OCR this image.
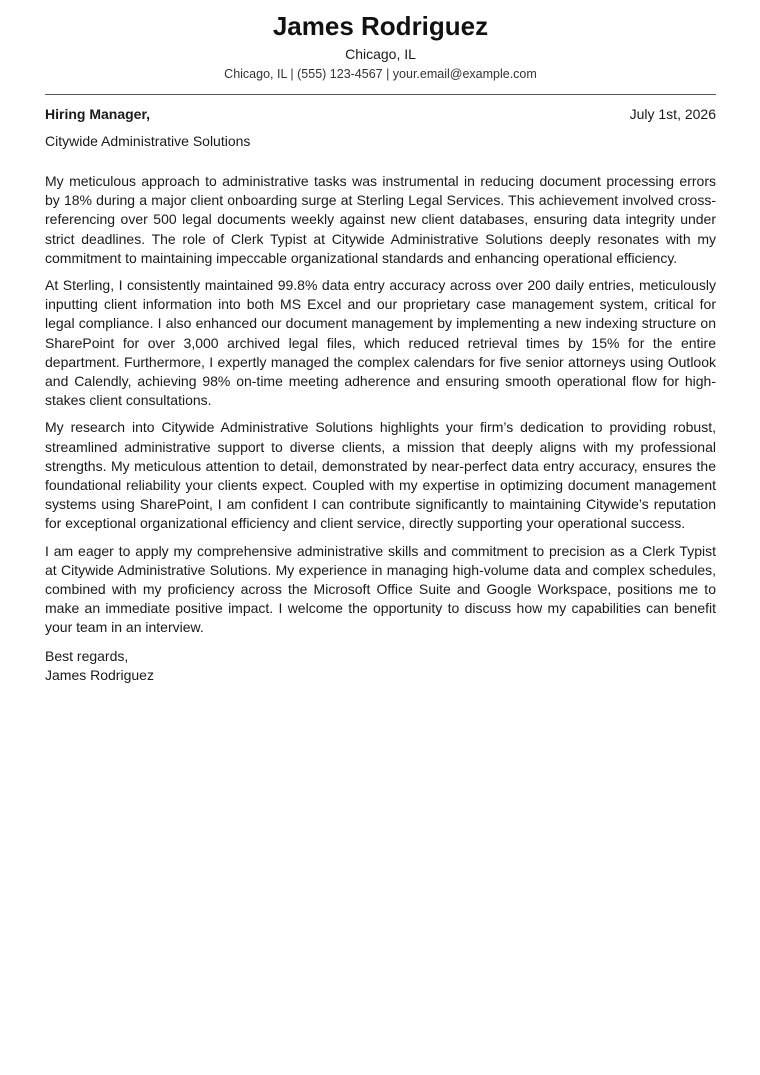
James Rodriguez
Chicago, IL
Chicago, IL | (555) 123-4567 | your.email@example.com
Hiring Manager,	July 1st, 2026
Citywide Administrative Solutions

My meticulous approach to administrative tasks was instrumental in reducing document processing errors by 18% during a major client onboarding surge at Sterling Legal Services. This achievement involved cross-referencing over 500 legal documents weekly against new client databases, ensuring data integrity under strict deadlines. The role of Clerk Typist at Citywide Administrative Solutions deeply resonates with my commitment to maintaining impeccable organizational standards and enhancing operational efficiency.

At Sterling, I consistently maintained 99.8% data entry accuracy across over 200 daily entries, meticulously inputting client information into both MS Excel and our proprietary case management system, critical for legal compliance. I also enhanced our document management by implementing a new indexing structure on SharePoint for over 3,000 archived legal files, which reduced retrieval times by 15% for the entire department. Furthermore, I expertly managed the complex calendars for five senior attorneys using Outlook and Calendly, achieving 98% on-time meeting adherence and ensuring smooth operational flow for high-stakes client consultations.

My research into Citywide Administrative Solutions highlights your firm’s dedication to providing robust, streamlined administrative support to diverse clients, a mission that deeply aligns with my professional strengths. My meticulous attention to detail, demonstrated by near-perfect data entry accuracy, ensures the foundational reliability your clients expect. Coupled with my expertise in optimizing document management systems using SharePoint, I am confident I can contribute significantly to maintaining Citywide’s reputation for exceptional organizational efficiency and client service, directly supporting your operational success.

I am eager to apply my comprehensive administrative skills and commitment to precision as a Clerk Typist at Citywide Administrative Solutions. My experience in managing high-volume data and complex schedules, combined with my proficiency across the Microsoft Office Suite and Google Workspace, positions me to make an immediate positive impact. I welcome the opportunity to discuss how my capabilities can benefit your team in an interview.

Best regards,
James Rodriguez
